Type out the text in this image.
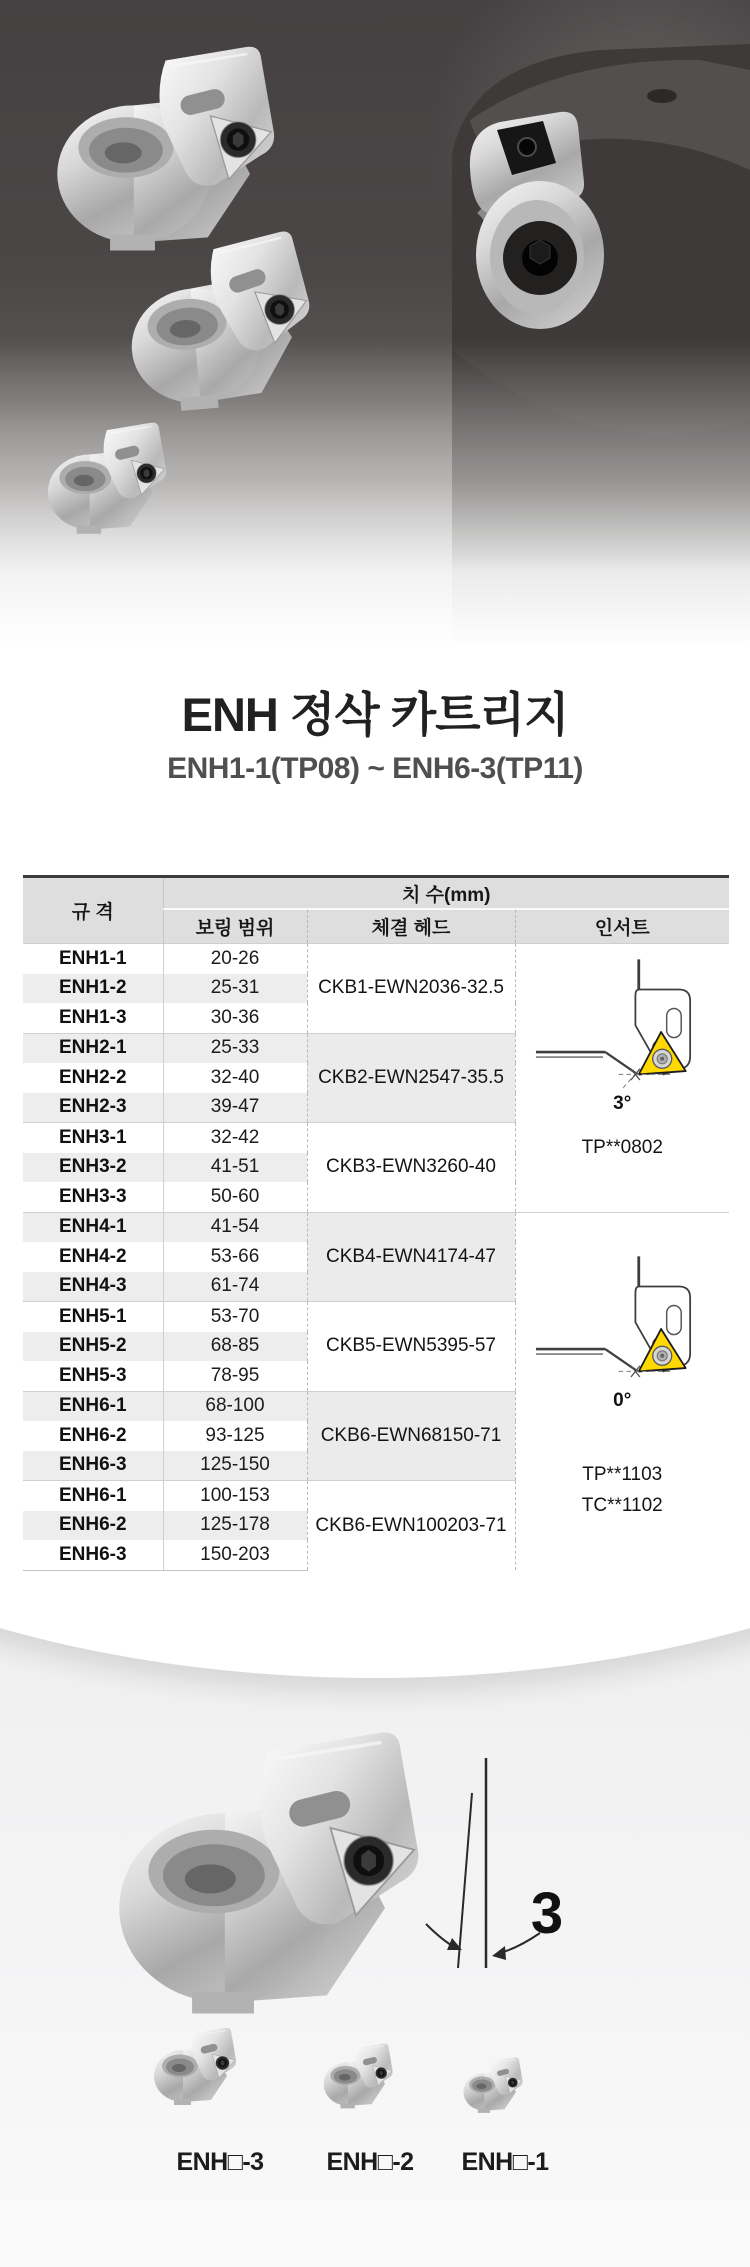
ENH 정삭 카트리지
ENH1-1(TP08) ~ ENH6-3(TP11)
규 격	치 수(mm)		
	보링 범위	체결 헤드	인서트
ENH1-1	20-26	CKB1-EWN2036-32.5	3°
TP**0802

ENH1-2	25-31		
ENH1-3	30-36		
ENH2-1	25-33	CKB2-EWN2547-35.5	
ENH2-2	32-40		
ENH2-3	39-47		
ENH3-1	32-42	CKB3-EWN3260-40	
ENH3-2	41-51		
ENH3-3	50-60		
ENH4-1	41-54	CKB4-EWN4174-47	0°
TP**1103
TC**1102

ENH4-2	53-66		
ENH4-3	61-74		
ENH5-1	53-70	CKB5-EWN5395-57	
ENH5-2	68-85		
ENH5-3	78-95		
ENH6-1	68-100	CKB6-EWN68150-71	
ENH6-2	93-125		
ENH6-3	125-150		
ENH6-1	100-153	CKB6-EWN100203-71	
ENH6-2	125-178		
ENH6-3	150-203		
3
ENH□-3	ENH□-2	ENH□-1
